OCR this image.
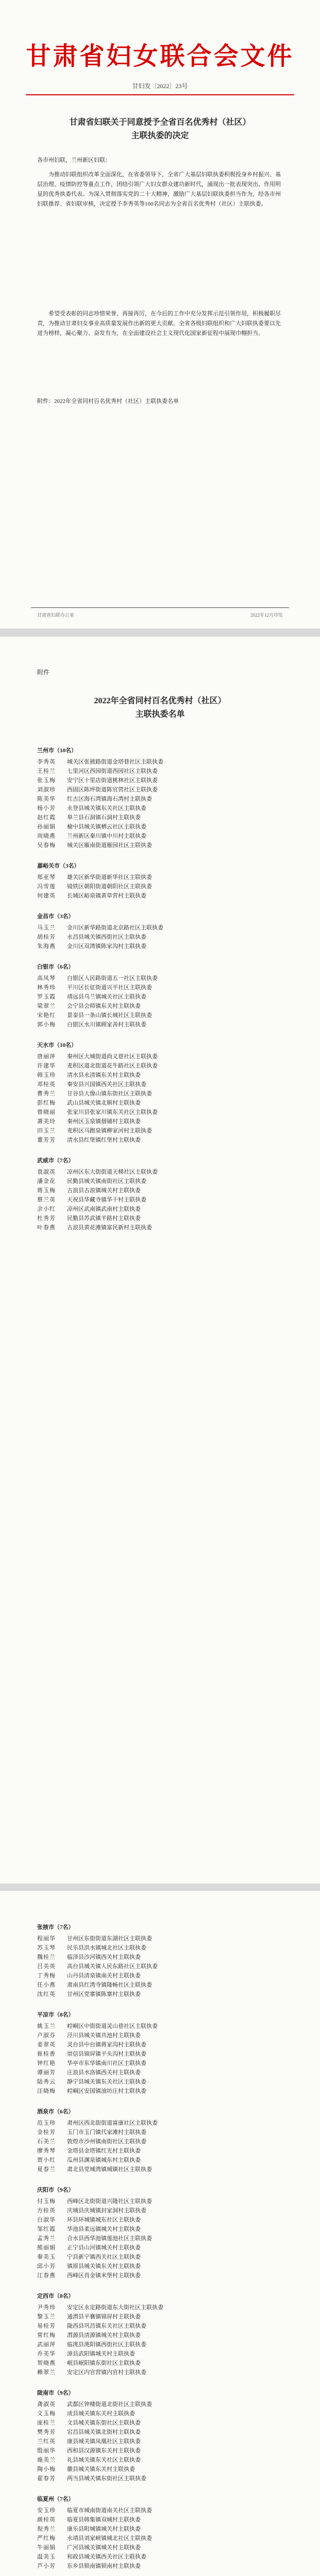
甘肃省妇女联合会文件
甘妇发〔2022〕23号
甘肃省妇联关于同意授予全省百名优秀村（社区）
主联执委的决定
各市州妇联，兰州新区妇联：
为推动妇联组织改革全面深化，在省委领导下，全省广大基层妇联执委积极投身乡村振兴、基层治理、疫情防控等重点工作，团结引领广大妇女群众建功新时代，涌现出一批表现突出、作用明显的优秀执委代表。为深入贯彻落实党的二十大精神，激励广大基层妇联执委担当作为，经各市州妇联推荐、省妇联审核，决定授予李秀英等100名同志为全省百名优秀村（社区）主联执委。
希望受表彰的同志珍惜荣誉、再接再厉，在今后的工作中充分发挥示范引领作用，积极履职尽责，为推动甘肃妇女事业高质量发展作出新的更大贡献。全省各级妇联组织和广大妇联执委要以先进为榜样，凝心聚力、奋发有为，在全面建设社会主义现代化国家新征程中展现巾帼担当。
附件：2022年全省同村百名优秀村（社区）主联执委名单
甘肃省妇联办公室	2022年12月印发
附件
2022年全省同村百名优秀村（社区）
主联执委名单
兰州市（10名）
李秀英	城关区张掖路街道金塔巷社区主联执委
王桂兰	七里河区西园街道西园社区主联执委
张玉梅	安宁区十里店街道桃林社区主联执委
刘淑珍	西固区陈坪街道陈官营社区主联执委
陈美华	红古区海石湾镇海石湾村主联执委
杨小芳	永登县城关镇东关社区主联执委
赵红霞	皋兰县石洞镇石洞村主联执委
孙丽娟	榆中县城关镇栖云社区主联执委
周晓燕	兰州新区秦川镇中川村主联执委
吴春梅	城关区雁南街道雁园社区主联执委
嘉峪关市（3名）
郑亚琴	雄关区新华街道新华社区主联执委
冯雪莲	镜铁区朝阳街道朝阳社区主联执委
何建英	长城区峪泉镇黄草营村主联执委
金昌市（3名）
马玉兰	金川区新华路街道北京路社区主联执委
胡桂芳	永昌县城关镇西街社区主联执委
朱海燕	金川区双湾镇陈家沟村主联执委
白银市（6名）
高凤琴	白银区人民路街道五一社区主联执委
林秀珍	平川区长征街道兴平社区主联执委
罗玉霞	靖远县乌兰镇城关社区主联执委
梁翠兰	会宁县会师镇东关村主联执委
宋艳红	景泰县一条山镇长城社区主联执委
郭小梅	白银区水川镇顾家善村主联执委
天水市（10名）
唐丽萍	秦州区大城街道尚义巷社区主联执委
许建华	麦积区道北街道花牛路社区主联执委
韩玉珍	清水县永清镇东关村主联执委
邓桂英	秦安县兴国镇西关社区主联执委
曹秀兰	甘谷县大像山镇东街社区主联执委
彭红梅	武山县城关镇北顺村主联执委
曾晓丽	张家川县张家川镇东关社区主联执委
萧美玲	秦州区玉泉镇烟铺村主联执委
田玉兰	麦积区马跑泉镇柳家河村主联执委
董芳芳	清水县红堡镇红堡村主联执委
武威市（7名）
袁淑英	凉州区东大街街道天梯社区主联执委
潘金花	民勤县城关镇南街社区主联执委
蒋玉梅	古浪县古浪镇城关村主联执委
蔡兰英	天祝县华藏寺镇华干村主联执委
余小红	凉州区武南镇武南村主联执委
杜秀芳	民勤县苏武镇羊路村主联执委
叶春燕	古浪县黄花滩镇富民新村主联执委
张掖市（7名）
程丽华	甘州区东街街道东湖社区主联执委
苏玉琴	民乐县洪水镇城北社区主联执委
魏桂兰	临泽县沙河镇西关村主联执委
吕美英	高台县城关镇人民东路社区主联执委
丁秀梅	山丹县清泉镇南关村主联执委
任小燕	肃南县红湾寺镇隆畅社区主联执委
沈红英	甘州区党寨镇陈寨村主联执委
平凉市（8名）
姚玉兰	崆峒区中街街道灵山巷社区主联执委
卢淑芬	泾川县城关镇共池村主联执委
姜翠英	灵台县中台镇蒋家沟村主联执委
崔桂香	崇信县锦屏镇平头沟村主联执委
钟红艳	华亭市东华镇南川社区主联执委
谭丽芳	庄浪县水洛镇西关村主联执委
陆秀云	静宁县城关镇东关社区主联执委
汪晓梅	崆峒区安国镇油坊庄村主联执委
酒泉市（6名）
范玉珍	肃州区西北街街道富康社区主联执委
金桂芳	玉门市玉门镇代家滩村主联执委
石美兰	敦煌市沙州镇南街社区主联执委
廖秀琴	金塔县金塔镇红光村主联执委
贾小红	瓜州县渊泉镇城东村主联执委
夏春兰	肃北县党城湾镇城镇社区主联执委
庆阳市（9名）
付玉梅	西峰区北街街道兴隆社区主联执委
方桂英	庆城县庆城镇封家洞村主联执委
白淑华	环县环城镇城东社区主联执委
邹红霞	华池县柔远镇城关村主联执委
孟秀兰	合水县西华池镇莲池社区主联执委
熊丽娟	正宁县山河镇城关村主联执委
秦美玉	宁县新宁镇西关社区主联执委
邱小芳	镇原县城关镇东关村主联执委
江春燕	西峰区肖金镇米堡村主联执委
定西市（8名）
尹秀珍	安定区永定路街道东大街社区主联执委
黎玉兰	通渭县平襄镇锦屏村主联执委
易桂芳	陇西县巩昌镇东关社区主联执委
常红梅	渭源县清源镇城关村主联执委
武丽萍	临洮县洮阳镇西街社区主联执委
乔美华	漳县武阳镇城关村主联执委
贺晓燕	岷县岷阳镇东街社区主联执委
赖翠兰	安定区内官营镇内官村主联执委
陇南市（9名）
龚淑英	武都区钟楼街道北街社区主联执委
文玉梅	成县城关镇东关村主联执委
庞桂兰	文县城关镇东街社区主联执委
樊秀芳	宕昌县城关镇北街村主联执委
兰红英	康县城关镇凤凰社区主联执委
殷丽华	西和县汉源镇东关村主联执委
施美兰	礼县城关镇东关社区主联执委
陶小梅	徽县城关镇东关村主联执委
翟春芳	两当县城关镇东街社区主联执委
临夏州（7名）
安玉珍	临夏市城南街道南关社区主联执委
颜桂英	临夏县韩集镇双城村主联执委
倪秀兰	康乐县附城镇城关村主联执委
严红梅	永靖县刘家峡镇城北社区主联执委
牛丽娟	广河县城关镇城关村主联执委
温美玉	和政县城关镇西关社区主联执委
芦小芳	东乡县锁南镇锁南村主联执委
